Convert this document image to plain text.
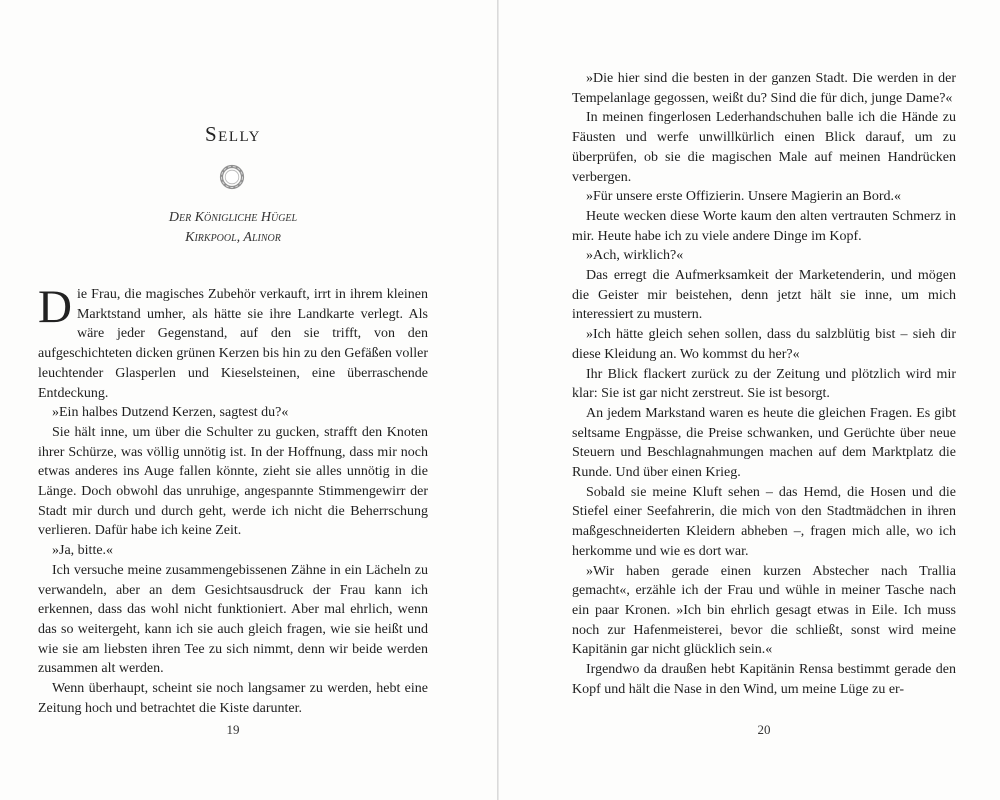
Selly
Der Königliche Hügel
Kirkpool, Alinor

Die Frau, die magisches Zubehör verkauft, irrt in ihrem kleinen Marktstand umher, als hätte sie ihre Landkarte verlegt. Als wäre jeder Gegenstand, auf den sie trifft, von den aufgeschichteten dicken grünen Kerzen bis hin zu den Gefäßen voller leuchtender Glasperlen und Kieselsteinen, eine überraschende Entdeckung.

»Ein halbes Dutzend Kerzen, sagtest du?«

Sie hält inne, um über die Schulter zu gucken, strafft den Knoten ihrer Schürze, was völlig unnötig ist. In der Hoffnung, dass mir noch etwas anderes ins Auge fallen könnte, zieht sie alles unnötig in die Länge. Doch obwohl das unruhige, angespannte Stimmengewirr der Stadt mir durch und durch geht, werde ich nicht die Beherrschung verlieren. Dafür habe ich keine Zeit.

»Ja, bitte.«

Ich versuche meine zusammengebissenen Zähne in ein Lächeln zu verwandeln, aber an dem Gesichtsausdruck der Frau kann ich erkennen, dass das wohl nicht funktioniert. Aber mal ehrlich, wenn das so weitergeht, kann ich sie auch gleich fragen, wie sie heißt und wie sie am liebsten ihren Tee zu sich nimmt, denn wir beide werden zusammen alt werden.

Wenn überhaupt, scheint sie noch langsamer zu werden, hebt eine Zeitung hoch und betrachtet die Kiste darunter.

19

»Die hier sind die besten in der ganzen Stadt. Die werden in der Tempelanlage gegossen, weißt du? Sind die für dich, junge Dame?«

In meinen fingerlosen Lederhandschuhen balle ich die Hände zu Fäusten und werfe unwillkürlich einen Blick darauf, um zu überprüfen, ob sie die magischen Male auf meinen Handrücken verbergen.

»Für unsere erste Offizierin. Unsere Magierin an Bord.«

Heute wecken diese Worte kaum den alten vertrauten Schmerz in mir. Heute habe ich zu viele andere Dinge im Kopf.

»Ach, wirklich?«

Das erregt die Aufmerksamkeit der Marketenderin, und mögen die Geister mir beistehen, denn jetzt hält sie inne, um mich interessiert zu mustern.

»Ich hätte gleich sehen sollen, dass du salzblütig bist – sieh dir diese Kleidung an. Wo kommst du her?«

Ihr Blick flackert zurück zu der Zeitung und plötzlich wird mir klar: Sie ist gar nicht zerstreut. Sie ist besorgt.

An jedem Markstand waren es heute die gleichen Fragen. Es gibt seltsame Engpässe, die Preise schwanken, und Gerüchte über neue Steuern und Beschlagnahmungen machen auf dem Marktplatz die Runde. Und über einen Krieg.

Sobald sie meine Kluft sehen – das Hemd, die Hosen und die Stiefel einer Seefahrerin, die mich von den Stadtmädchen in ihren maßgeschneiderten Kleidern abheben –, fragen mich alle, wo ich herkomme und wie es dort war.

»Wir haben gerade einen kurzen Abstecher nach Trallia gemacht«, erzähle ich der Frau und wühle in meiner Tasche nach ein paar Kronen. »Ich bin ehrlich gesagt etwas in Eile. Ich muss noch zur Hafenmeisterei, bevor die schließt, sonst wird meine Kapitänin gar nicht glücklich sein.«

Irgendwo da draußen hebt Kapitänin Rensa bestimmt gerade den Kopf und hält die Nase in den Wind, um meine Lüge zu er-

20
